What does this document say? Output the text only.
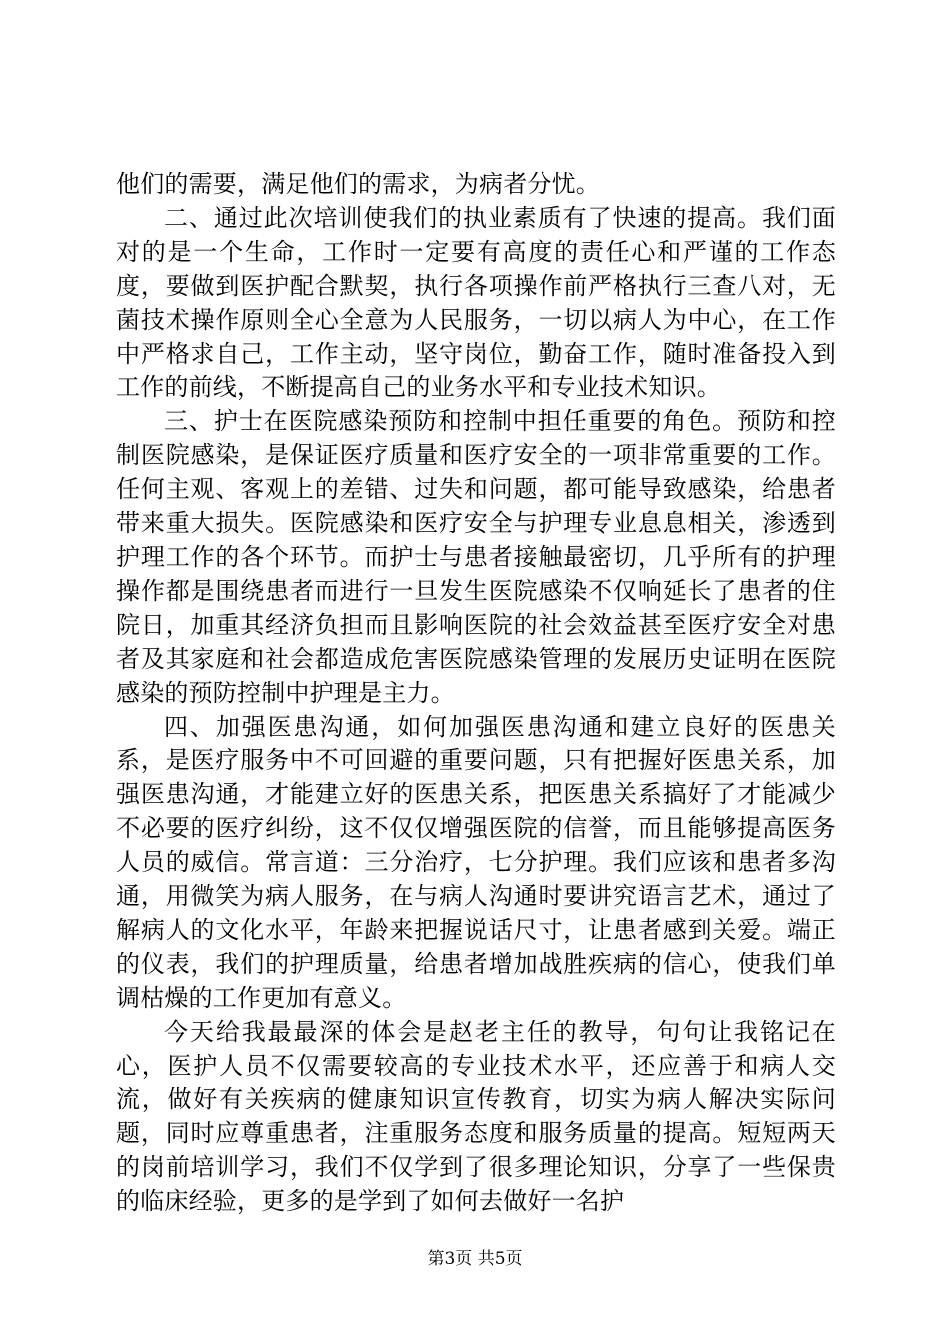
他们的需要，满足他们的需求，为病者分忧。

二、通过此次培训使我们的执业素质有了快速的提高。我们面对的是一个生命，工作时一定要有高度的责任心和严谨的工作态度，要做到医护配合默契，执行各项操作前严格执行三查八对，无菌技术操作原则全心全意为人民服务，一切以病人为中心，在工作中严格求自己，工作主动，坚守岗位，勤奋工作，随时准备投入到工作的前线，不断提高自己的业务水平和专业技术知识。

三、护士在医院感染预防和控制中担任重要的角色。预防和控制医院感染，是保证医疗质量和医疗安全的一项非常重要的工作。任何主观、客观上的差错、过失和问题，都可能导致感染，给患者带来重大损失。医院感染和医疗安全与护理专业息息相关，渗透到护理工作的各个环节。而护士与患者接触最密切，几乎所有的护理操作都是围绕患者而进行一旦发生医院感染不仅响延长了患者的住院日，加重其经济负担而且影响医院的社会效益甚至医疗安全对患者及其家庭和社会都造成危害医院感染管理的发展历史证明在医院感染的预防控制中护理是主力。

四、加强医患沟通，如何加强医患沟通和建立良好的医患关系，是医疗服务中不可回避的重要问题，只有把握好医患关系，加强医患沟通，才能建立好的医患关系，把医患关系搞好了才能减少不必要的医疗纠纷，这不仅仅增强医院的信誉，而且能够提高医务人员的威信。常言道：三分治疗，七分护理。我们应该和患者多沟通，用微笑为病人服务，在与病人沟通时要讲究语言艺术，通过了解病人的文化水平，年龄来把握说话尺寸，让患者感到关爱。端正的仪表，我们的护理质量，给患者增加战胜疾病的信心，使我们单调枯燥的工作更加有意义。

今天给我最最深的体会是赵老主任的教导，句句让我铭记在心，医护人员不仅需要较高的专业技术水平，还应善于和病人交流，做好有关疾病的健康知识宣传教育，切实为病人解决实际问题，同时应尊重患者，注重服务态度和服务质量的提高。短短两天的岗前培训学习，我们不仅学到了很多理论知识，分享了一些保贵的临床经验，更多的是学到了如何去做好一名护

第3页 共5页
